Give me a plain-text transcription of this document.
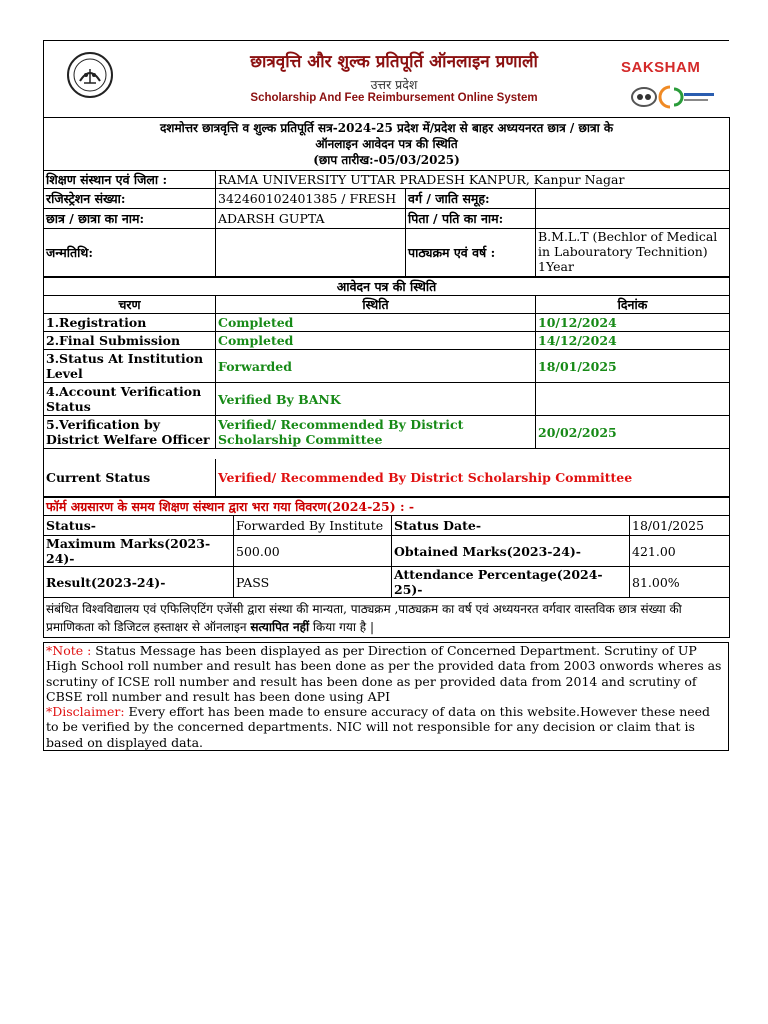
छात्रवृत्ति और शुल्क प्रतिपूर्ति ऑनलाइन प्रणाली
उत्तर प्रदेश
Scholarship And Fee Reimbursement Online System
SAKSHAM
दशमोत्तर छात्रवृत्ति व शुल्क प्रतिपूर्ति सत्र-2024-25 प्रदेश में/प्रदेश से बाहर अध्ययनरत छात्र / छात्रा के
ऑनलाइन आवेदन पत्र की स्थिति
(छाप तारीख:-05/03/2025)			

शिक्षण संस्थान एवं जिला :	RAMA UNIVERSITY UTTAR PRADESH KANPUR, Kanpur Nagar		
रजिस्ट्रेशन संख्या:	342460102401385 / FRESH	वर्ग / जाति समूह:	
छात्र / छात्रा का नाम:	ADARSH GUPTA	पिता / पति का नाम:	
जन्मतिथि:		पाठ्यक्रम एवं वर्ष :	B.M.L.T (Bechlor of Medical in Labouratory Technition) 1Year
आवेदन पत्र की स्थिति		
चरण	स्थिति	दिनांक
1.Registration	Completed	10/12/2024
2.Final Submission	Completed	14/12/2024
3.Status At Institution Level	Forwarded	18/01/2025
4.Account Verification Status	Verified By BANK	
5.Verification by District Welfare Officer	Verified/ Recommended By District Scholarship Committee	20/02/2025

Current Status	Verified/ Recommended By District Scholarship Committee	
फॉर्म अग्रसारण के समय शिक्षण संस्थान द्वारा भरा गया विवरण(2024-25) : -			
Status-	Forwarded By Institute	Status Date-	18/01/2025
Maximum Marks(2023-24)-	500.00	Obtained Marks(2023-24)-	421.00
Result(2023-24)-	PASS	Attendance Percentage(2024-25)-	81.00%
संबंधित विश्वविद्यालय एवं एफिलिएटिंग एजेंसी द्वारा संस्था की मान्यता, पाठ्यक्रम ,पाठ्यक्रम का वर्ष एवं अध्ययनरत वर्गवार वास्तविक छात्र संख्या की प्रमाणिकता को डिजिटल हस्ताक्षर से ऑनलाइन सत्यापित नहीं किया गया है |			
*Note : Status Message has been displayed as per Direction of Concerned Department. Scrutiny of UP High School roll number and result has been done as per the provided data from 2003 onwords wheres as scrutiny of ICSE roll number and result has been done as per provided data from 2014 and scrutiny of CBSE roll number and result has been done using API
*Disclaimer: Every effort has been made to ensure accuracy of data on this website.However these need to be verified by the concerned departments. NIC will not responsible for any decision or claim that is based on displayed data.
